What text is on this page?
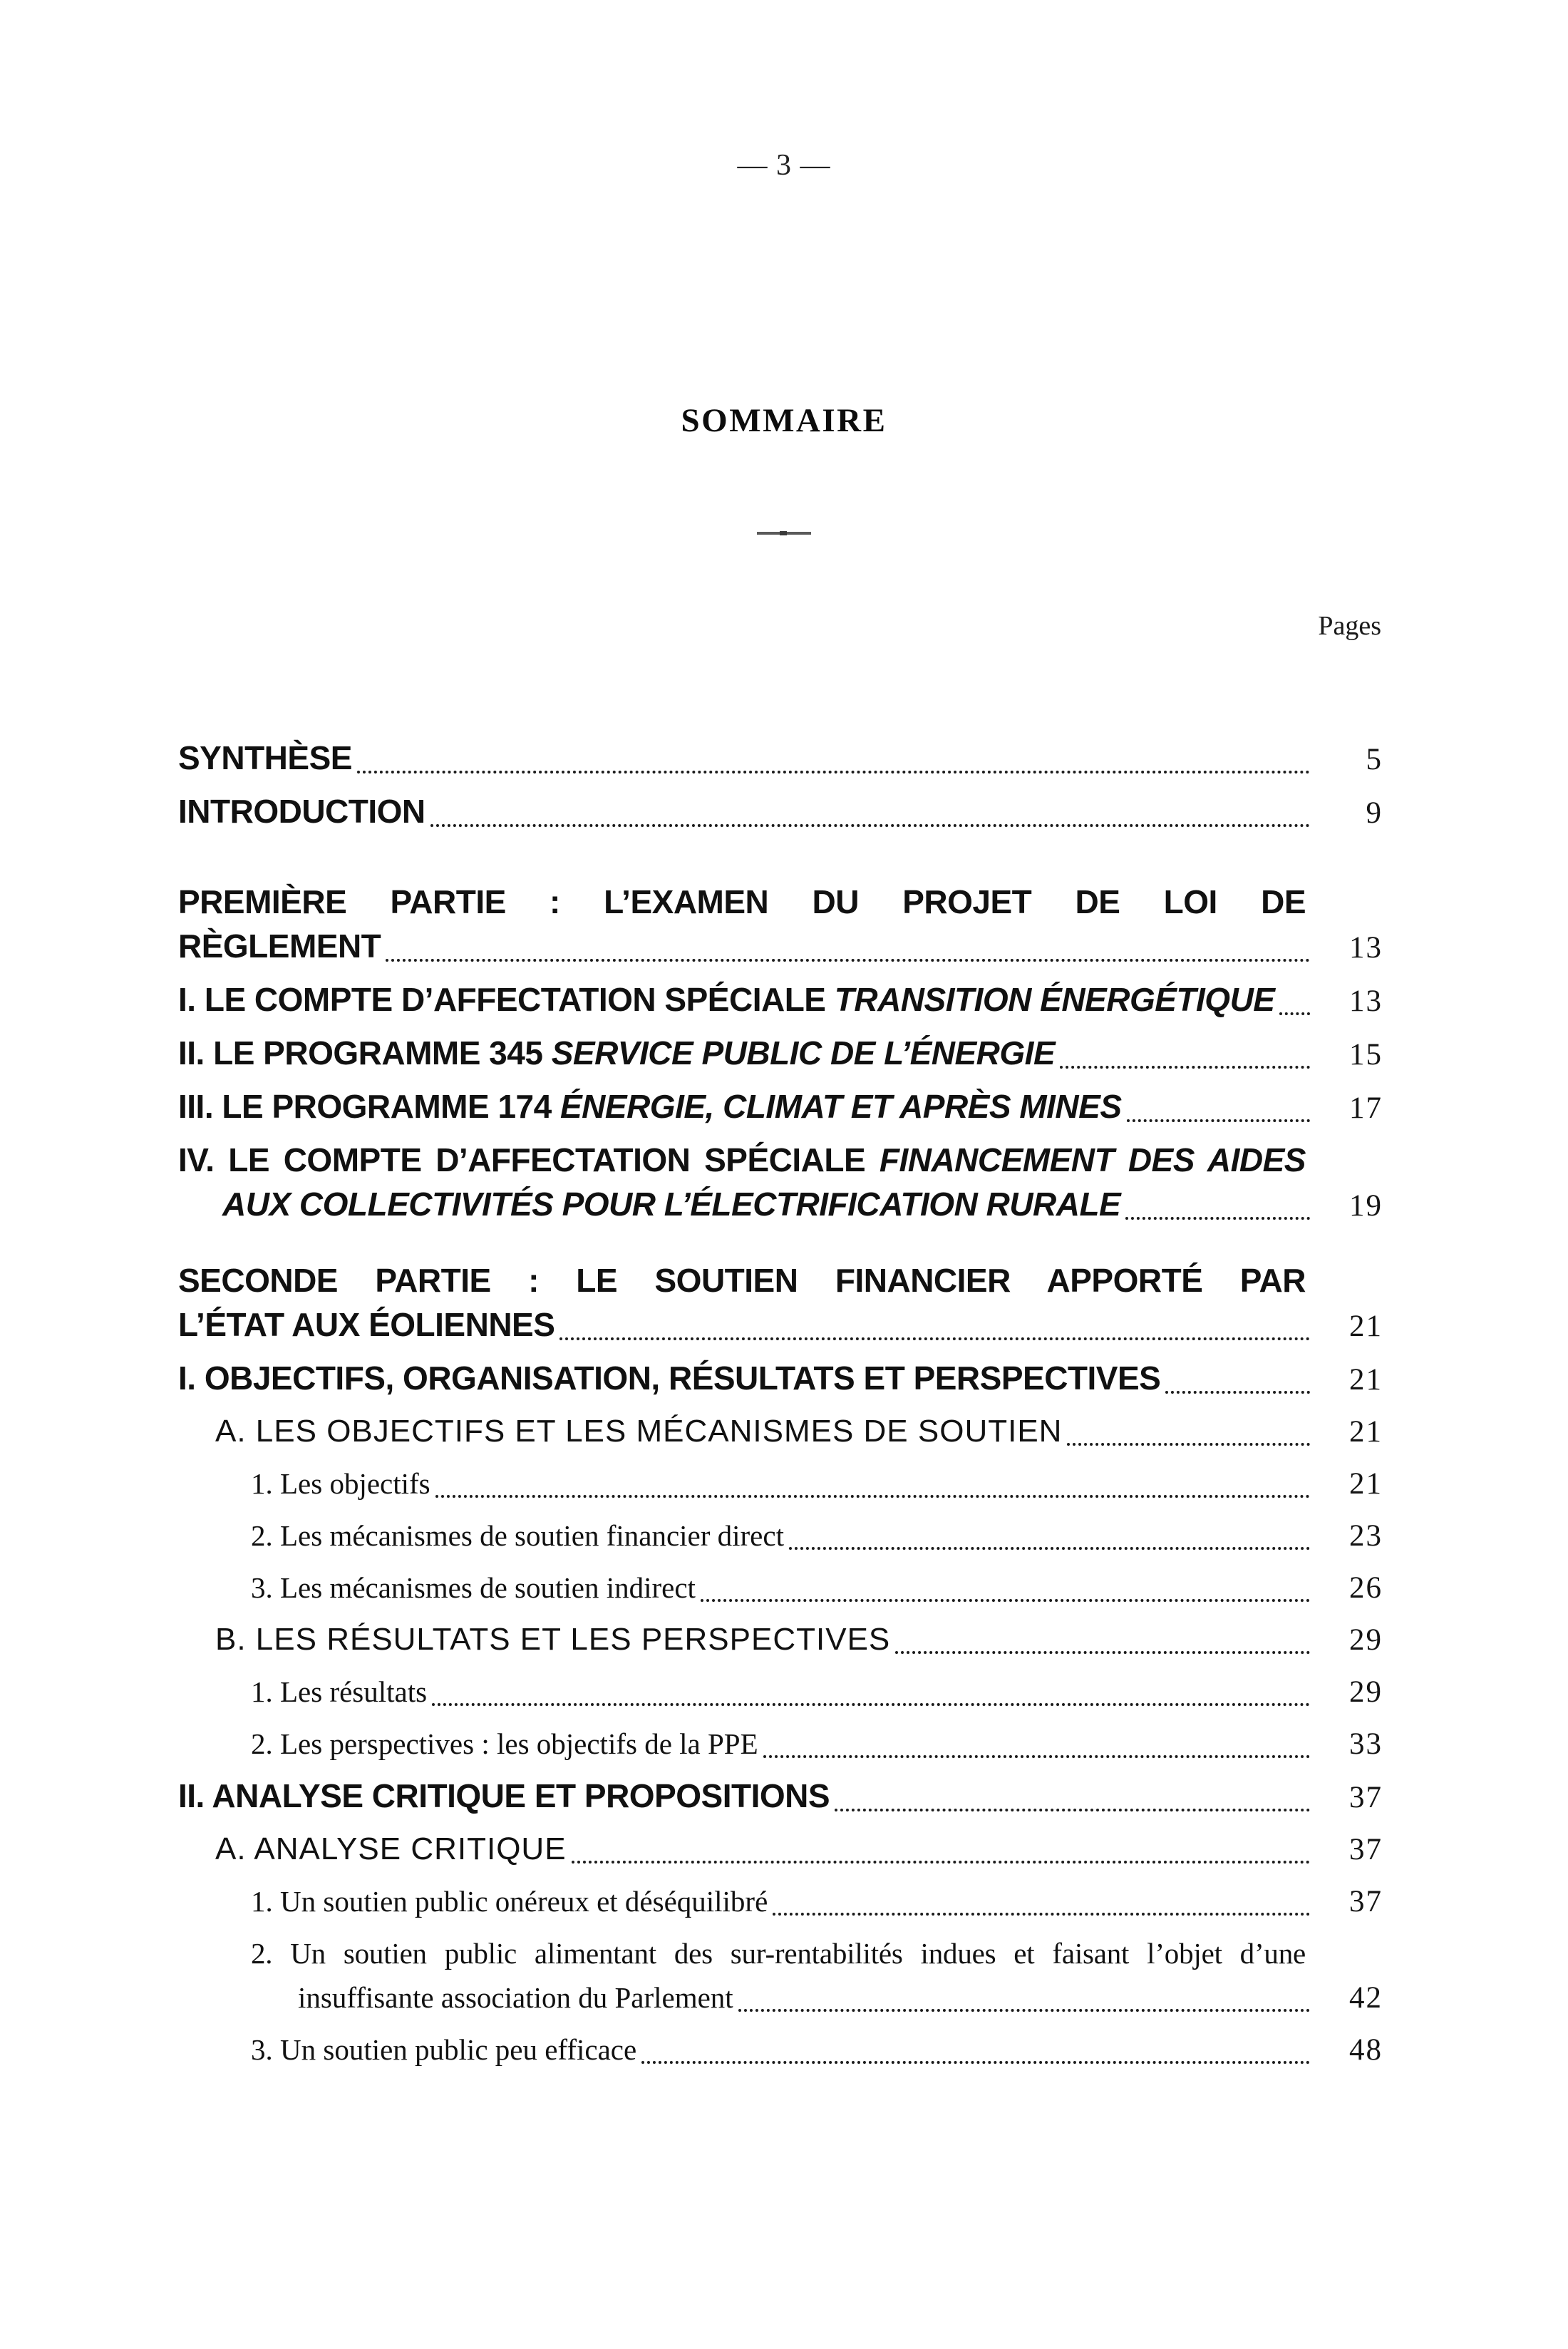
— 3 —
SOMMAIRE
Pages
SYNTHÈSE	5
INTRODUCTION	9
PREMIÈRE PARTIE : L’EXAMEN DU PROJET DE LOI DE
RÈGLEMENT	13
I. LE COMPTE D’AFFECTATION SPÉCIALE TRANSITION ÉNERGÉTIQUE	13
II. LE PROGRAMME 345 SERVICE PUBLIC DE L’ÉNERGIE	15
III. LE PROGRAMME 174 ÉNERGIE, CLIMAT ET APRÈS MINES	17
IV. LE COMPTE D’AFFECTATION SPÉCIALE FINANCEMENT DES AIDES
AUX COLLECTIVITÉS POUR L’ÉLECTRIFICATION RURALE	19
SECONDE PARTIE : LE SOUTIEN FINANCIER APPORTÉ PAR
L’ÉTAT AUX ÉOLIENNES	21
I. OBJECTIFS, ORGANISATION, RÉSULTATS ET PERSPECTIVES	21
A. LES OBJECTIFS ET LES MÉCANISMES DE SOUTIEN	21
1. Les objectifs	21
2. Les mécanismes de soutien financier direct	23
3. Les mécanismes de soutien indirect	26
B. LES RÉSULTATS ET LES PERSPECTIVES	29
1. Les résultats	29
2. Les perspectives : les objectifs de la PPE	33
II. ANALYSE CRITIQUE ET PROPOSITIONS	37
A. ANALYSE CRITIQUE	37
1. Un soutien public onéreux et déséquilibré	37
2. Un soutien public alimentant des sur-rentabilités indues et faisant l’objet d’une
insuffisante association du Parlement	42
3. Un soutien public peu efficace	48
